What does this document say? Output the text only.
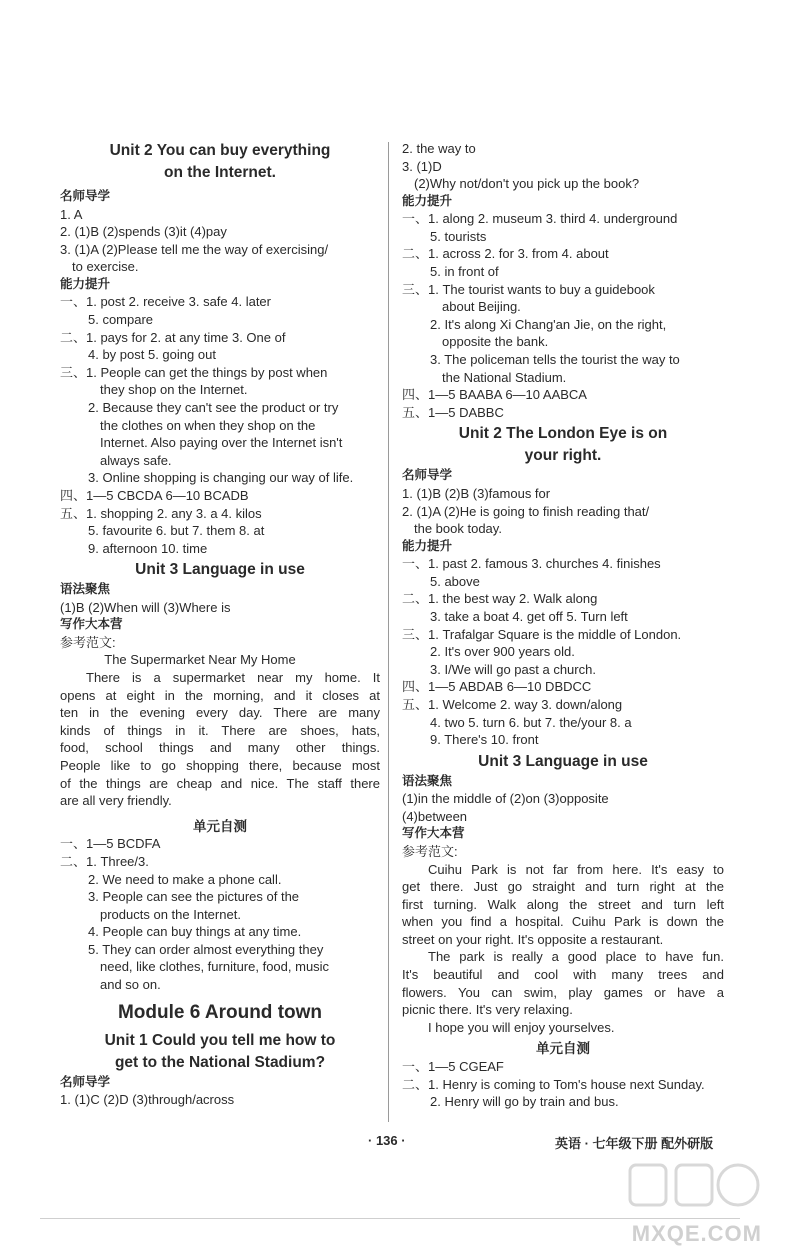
Unit 2 You can buy everything
on the Internet.
名师导学
1. A
2. (1)B (2)spends (3)it (4)pay
3. (1)A (2)Please tell me the way of exercising/
to exercise.
能力提升
一、1. post 2. receive 3. safe 4. later
5. compare
二、1. pays for 2. at any time 3. One of
4. by post 5. going out
三、1. People can get the things by post when
they shop on the Internet.
2. Because they can't see the product or try
the clothes on when they shop on the
Internet. Also paying over the Internet isn't
always safe.
3. Online shopping is changing our way of life.
四、1—5 CBCDA 6—10 BCADB
五、1. shopping 2. any 3. a 4. kilos
5. favourite 6. but 7. them 8. at
9. afternoon 10. time
Unit 3 Language in use
语法聚焦
(1)B (2)When will (3)Where is
写作大本营
参考范文:
The Supermarket Near My Home
There is a supermarket near my home. It
opens at eight in the morning, and it closes at
ten in the evening every day. There are many
kinds of things in it. There are shoes, hats,
food, school things and many other things.
People like to go shopping there, because most
of the things are cheap and nice. The staff there
are all very friendly.
单元自测
一、1—5 BCDFA
二、1. Three/3.
2. We need to make a phone call.
3. People can see the pictures of the
products on the Internet.
4. People can buy things at any time.
5. They can order almost everything they
need, like clothes, furniture, food, music
and so on.
Module 6 Around town
Unit 1 Could you tell me how to
get to the National Stadium?
名师导学
1. (1)C (2)D (3)through/across
2. the way to
3. (1)D
(2)Why not/don't you pick up the book?
能力提升
一、1. along 2. museum 3. third 4. underground
5. tourists
二、1. across 2. for 3. from 4. about
5. in front of
三、1. The tourist wants to buy a guidebook
about Beijing.
2. It's along Xi Chang'an Jie, on the right,
opposite the bank.
3. The policeman tells the tourist the way to
the National Stadium.
四、1—5 BAABA 6—10 AABCA
五、1—5 DABBC
Unit 2 The London Eye is on
your right.
名师导学
1. (1)B (2)B (3)famous for
2. (1)A (2)He is going to finish reading that/
the book today.
能力提升
一、1. past 2. famous 3. churches 4. finishes
5. above
二、1. the best way 2. Walk along
3. take a boat 4. get off 5. Turn left
三、1. Trafalgar Square is the middle of London.
2. It's over 900 years old.
3. I/We will go past a church.
四、1—5 ABDAB 6—10 DBDCC
五、1. Welcome 2. way 3. down/along
4. two 5. turn 6. but 7. the/your 8. a
9. There's 10. front
Unit 3 Language in use
语法聚焦
(1)in the middle of (2)on (3)opposite
(4)between
写作大本营
参考范文:
Cuihu Park is not far from here. It's easy to
get there. Just go straight and turn right at the
first turning. Walk along the street and turn left
when you find a hospital. Cuihu Park is down the
street on your right. It's opposite a restaurant.
The park is really a good place to have fun.
It's beautiful and cool with many trees and
flowers. You can swim, play games or have a
picnic there. It's very relaxing.
I hope you will enjoy yourselves.
单元自测
一、1—5 CGEAF
二、1. Henry is coming to Tom's house next Sunday.
2. Henry will go by train and bus.
· 136 ·	英语 · 七年级下册 配外研版
MXQE.COM
